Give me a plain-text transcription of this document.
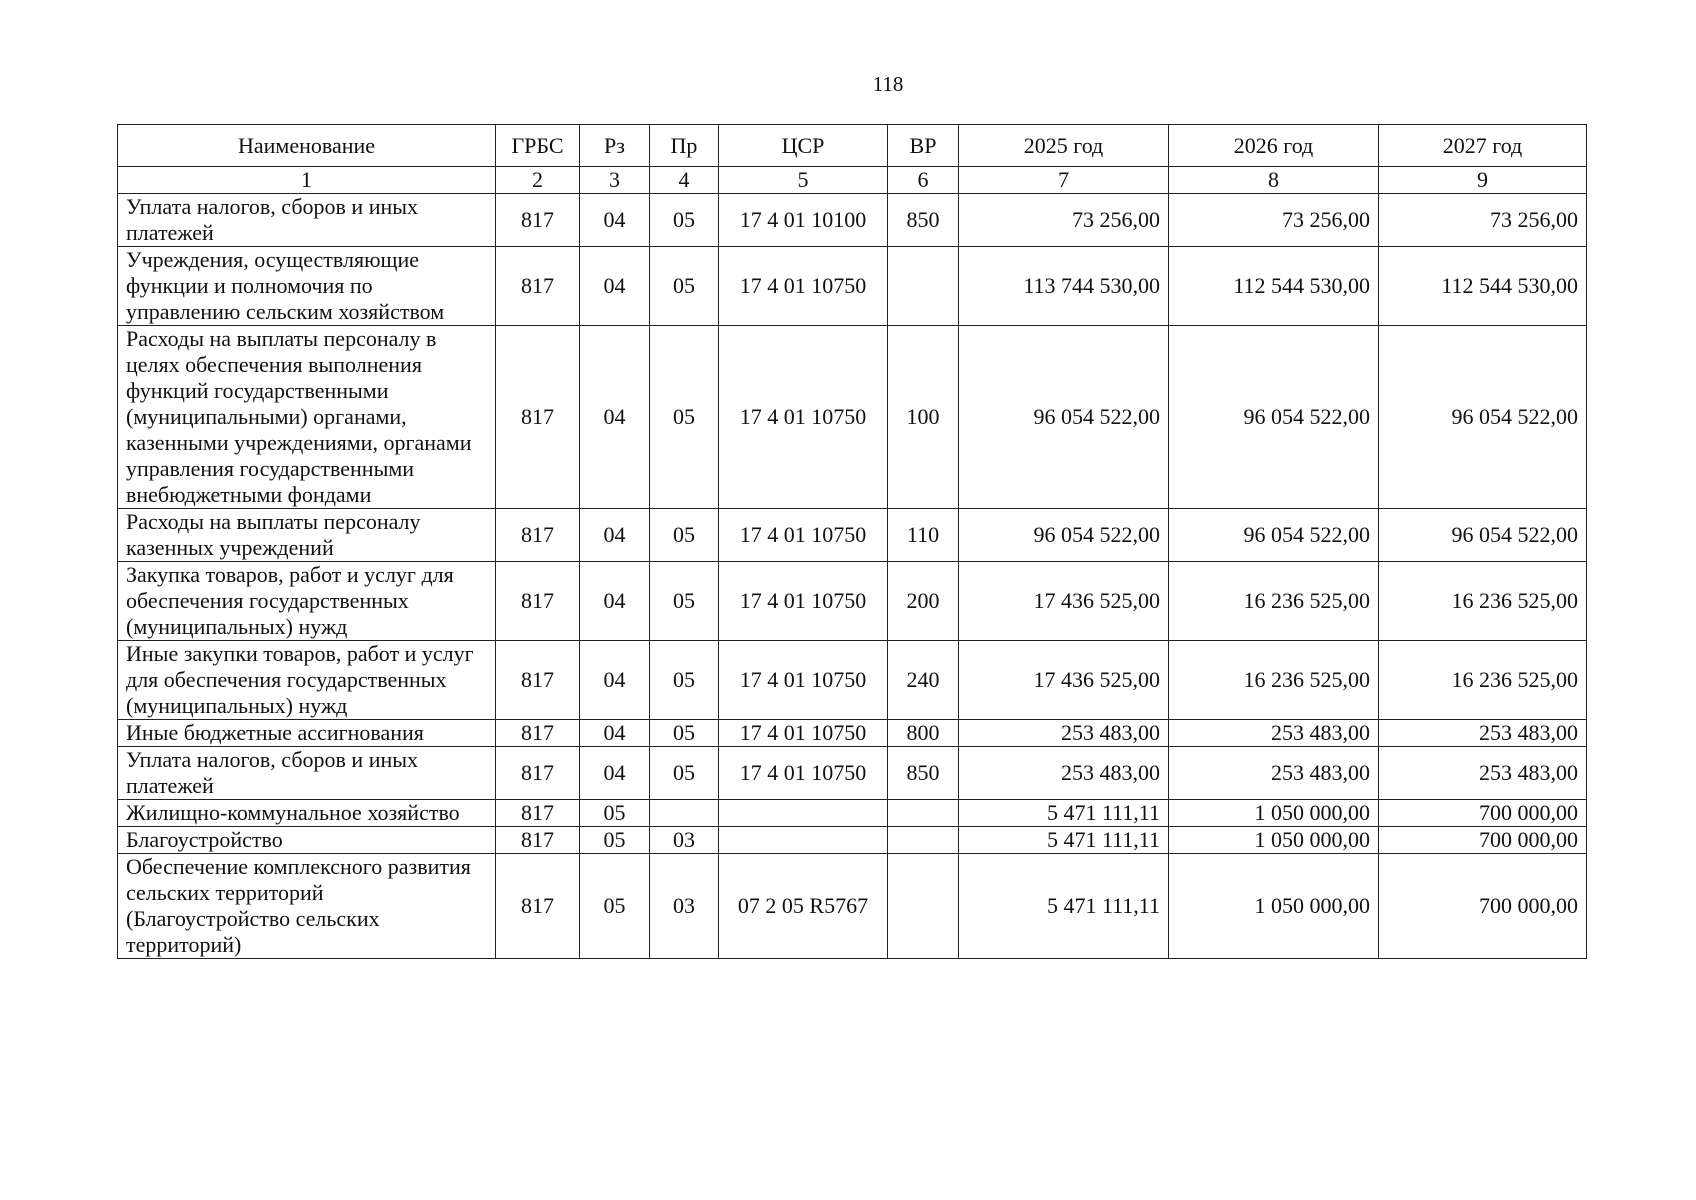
118
Наименование	ГРБС	Рз	Пр	ЦСР	ВР	2025 год	2026 год	2027 год
1	2	3	4	5	6	7	8	9
Уплата налогов, сборов и иных платежей	817	04	05	17 4 01 10100	850	73 256,00	73 256,00	73 256,00
Учреждения, осуществляющие функции и полномочия по управлению сельским хозяйством	817	04	05	17 4 01 10750		113 744 530,00	112 544 530,00	112 544 530,00
Расходы на выплаты персоналу в целях обеспечения выполнения функций государственными (муниципальными) органами, казенными учреждениями, органами управления государственными внебюджетными фондами	817	04	05	17 4 01 10750	100	96 054 522,00	96 054 522,00	96 054 522,00
Расходы на выплаты персоналу казенных учреждений	817	04	05	17 4 01 10750	110	96 054 522,00	96 054 522,00	96 054 522,00
Закупка товаров, работ и услуг для обеспечения государственных (муниципальных) нужд	817	04	05	17 4 01 10750	200	17 436 525,00	16 236 525,00	16 236 525,00
Иные закупки товаров, работ и услуг для обеспечения государственных (муниципальных) нужд	817	04	05	17 4 01 10750	240	17 436 525,00	16 236 525,00	16 236 525,00
Иные бюджетные ассигнования	817	04	05	17 4 01 10750	800	253 483,00	253 483,00	253 483,00
Уплата налогов, сборов и иных платежей	817	04	05	17 4 01 10750	850	253 483,00	253 483,00	253 483,00
Жилищно-коммунальное хозяйство	817	05				5 471 111,11	1 050 000,00	700 000,00
Благоустройство	817	05	03			5 471 111,11	1 050 000,00	700 000,00
Обеспечение комплексного развития сельских территорий (Благоустройство сельских территорий)	817	05	03	07 2 05 R5767		5 471 111,11	1 050 000,00	700 000,00
